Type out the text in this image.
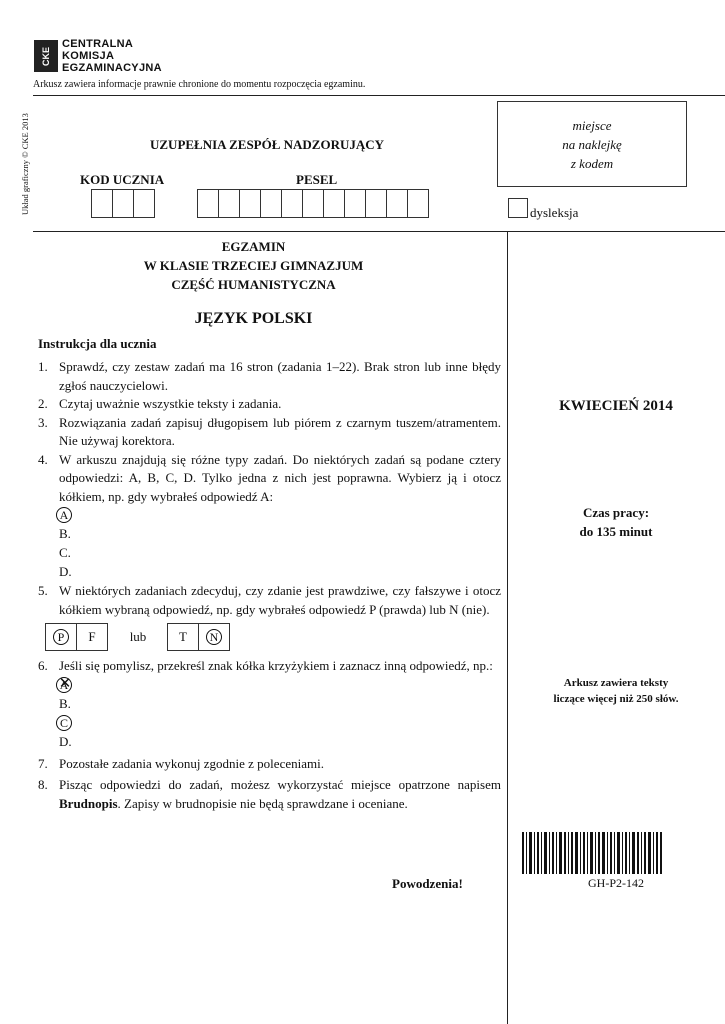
CKE
CENTRALNA
KOMISJA
EGZAMINACYJNA
Arkusz zawiera informacje prawnie chronione do momentu rozpoczęcia egzaminu.
Układ graficzny © CKE 2013	UZUPEŁNIA ZESPÓŁ NADZORUJĄCY
KOD UCZNIA	PESEL
miejsce
na naklejkę
z kodem
dysleksja
EGZAMIN
W KLASIE TRZECIEJ GIMNAZJUM
CZĘŚĆ HUMANISTYCZNA
JĘZYK POLSKI
Instrukcja dla ucznia
1. Sprawdź, czy zestaw zadań ma 16 stron (zadania 1–22). Brak stron lub inne błędy zgłoś nauczycielowi.
2. Czytaj uważnie wszystkie teksty i zadania.
3. Rozwiązania zadań zapisuj długopisem lub piórem z czarnym tuszem/atramentem. Nie używaj korektora.
4. W arkuszu znajdują się różne typy zadań. Do niektórych zadań są podane cztery odpowiedzi: A, B, C, D. Tylko jedna z nich jest poprawna. Wybierz ją i otocz kółkiem, np. gdy wybrałeś odpowiedź A:
A
B.
C.
D.
5. W niektórych zadaniach zdecyduj, czy zdanie jest prawdziwe, czy fałszywe i otocz kółkiem wybraną odpowiedź, np. gdy wybrałeś odpowiedź P (prawda) lub N (nie).
P	F	lub	T	N
6. Jeśli się pomylisz, przekreśl znak kółka krzyżykiem i zaznacz inną odpowiedź, np.:
A ✕
B.
C
D.
7. Pozostałe zadania wykonuj zgodnie z poleceniami.
8. Pisząc odpowiedzi do zadań, możesz wykorzystać miejsce opatrzone napisem Brudnopis. Zapisy w brudnopisie nie będą sprawdzane i oceniane.
Powodzenia!
KWIECIEŃ 2014
Czas pracy:
do 135 minut
Arkusz zawiera teksty
liczące więcej niż 250 słów.
GH-P2-142
